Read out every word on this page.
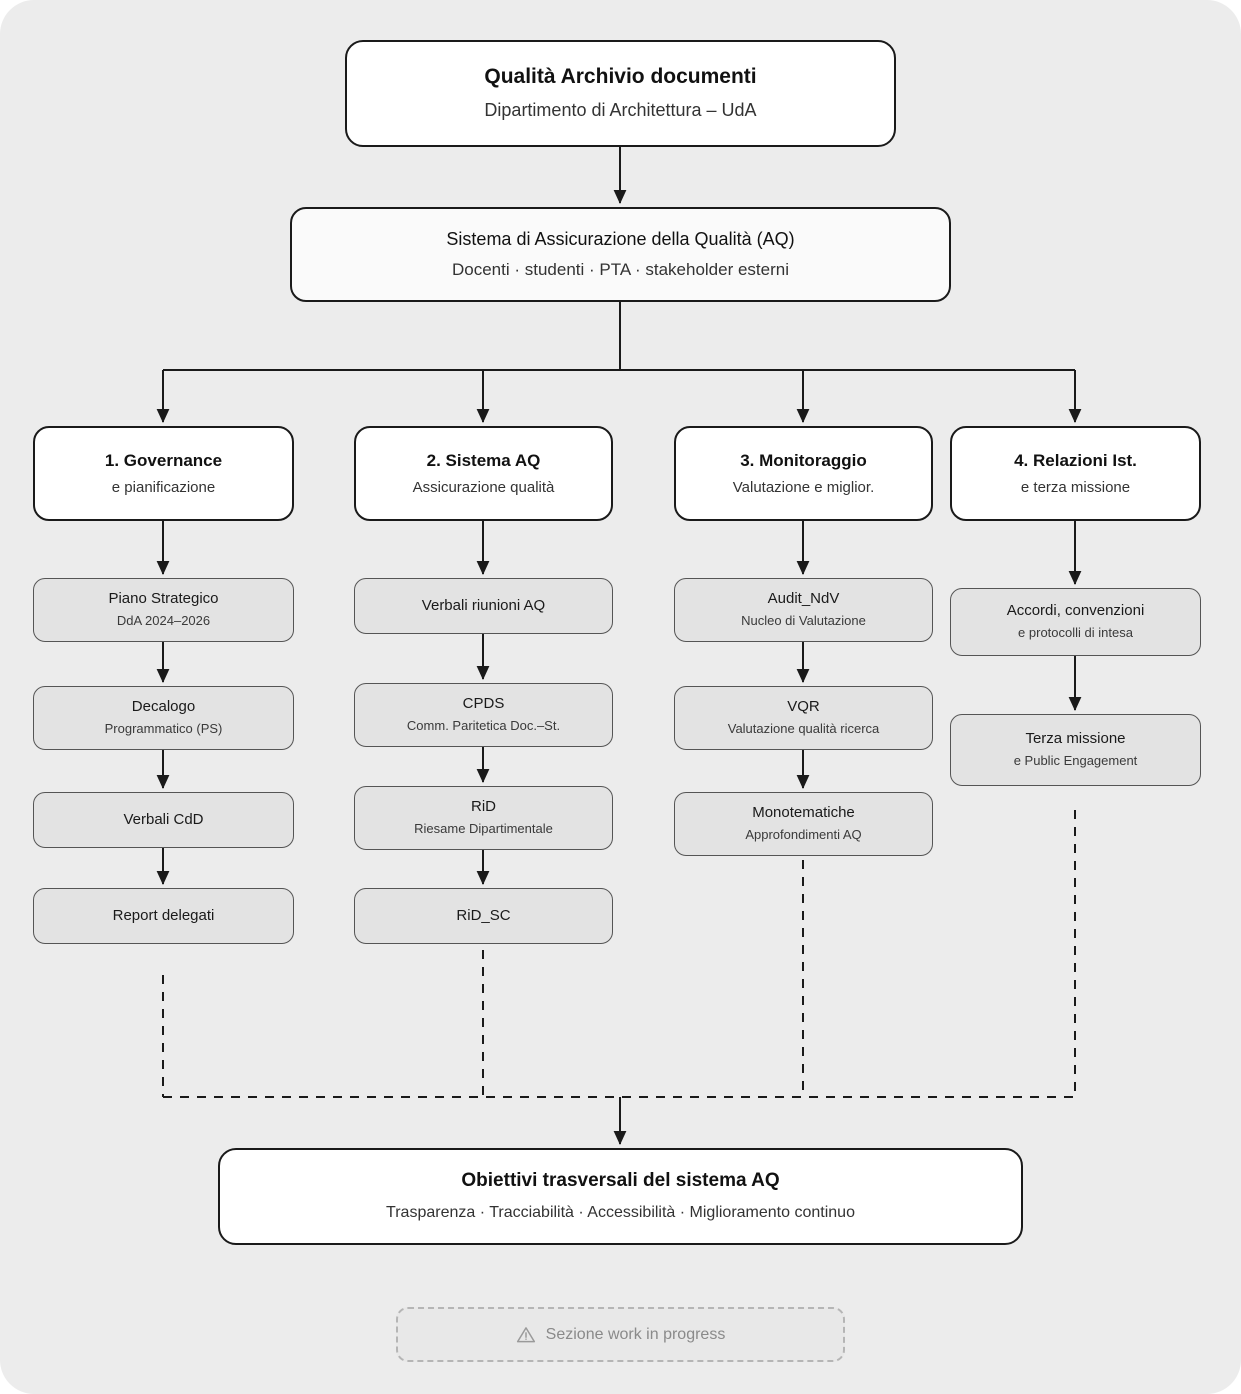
Qualità Archivio documenti
Dipartimento di Architettura – UdA
Sistema di Assicurazione della Qualità (AQ)
Docenti · studenti · PTA · stakeholder esterni
1. Governance
e pianificazione
2. Sistema AQ
Assicurazione qualità
3. Monitoraggio
Valutazione e miglior.
4. Relazioni Ist.
e terza missione
Piano Strategico
DdA 2024–2026
Decalogo
Programmatico (PS)
Verbali CdD
Report delegati
Verbali riunioni AQ
CPDS
Comm. Paritetica Doc.–St.
RiD
Riesame Dipartimentale
RiD_SC
Audit_NdV
Nucleo di Valutazione
VQR
Valutazione qualità ricerca
Monotematiche
Approfondimenti AQ
Accordi, convenzioni
e protocolli di intesa
Terza missione
e Public Engagement
Obiettivi trasversali del sistema AQ
Trasparenza · Tracciabilità · Accessibilità · Miglioramento continuo
Sezione work in progress
